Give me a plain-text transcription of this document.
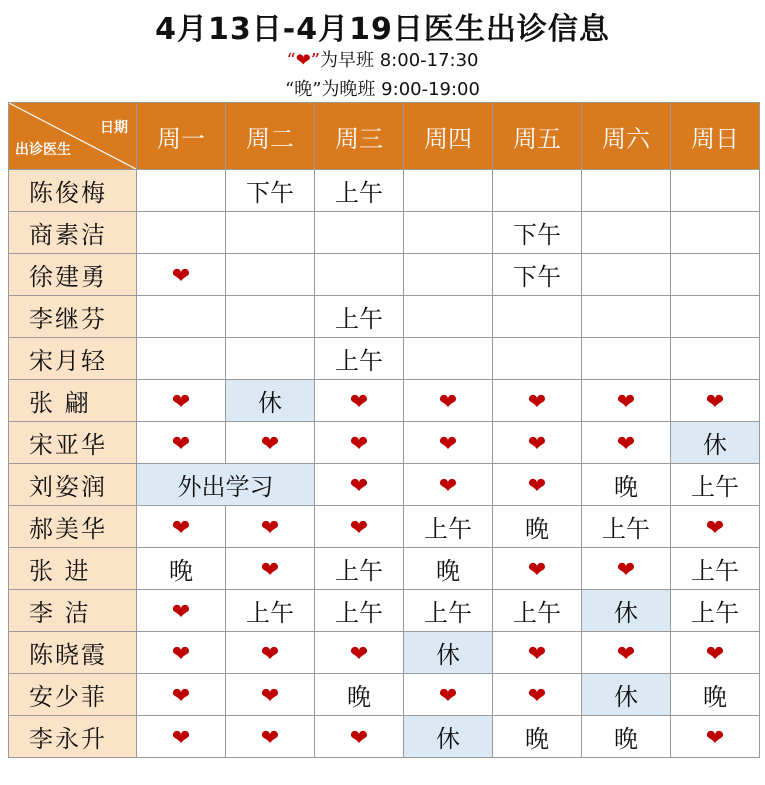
4月13日-4月19日医生出诊信息
“❤”为早班 8:00-17:30
“晚”为晚班 9:00-19:00
日期
出诊医生	周一	周二	周三	周四	周五	周六	周日
陈俊梅		下午	上午				
商素洁					下午		
徐建勇	❤				下午		
李继芬			上午				
宋月轻			上午				
张 翩	❤	休	❤	❤	❤	❤	❤
宋亚华	❤	❤	❤	❤	❤	❤	休
刘姿润	外出学习		❤	❤	❤	晚	上午
郝美华	❤	❤	❤	上午	晚	上午	❤
张 进	晚	❤	上午	晚	❤	❤	上午
李 洁	❤	上午	上午	上午	上午	休	上午
陈晓霞	❤	❤	❤	休	❤	❤	❤
安少菲	❤	❤	晚	❤	❤	休	晚
李永升	❤	❤	❤	休	晚	晚	❤
